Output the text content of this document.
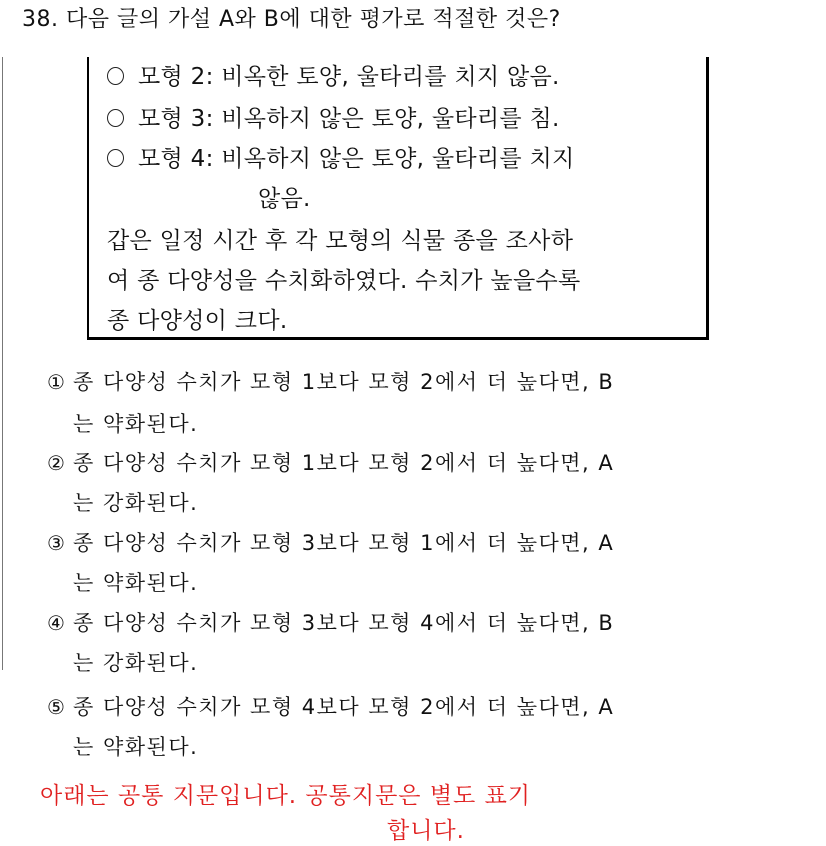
38. 다음 글의 가설 A와 B에 대한 평가로 적절한 것은?
모형 2: 비옥한 토양, 울타리를 치지 않음.
모형 3: 비옥하지 않은 토양, 울타리를 침.
모형 4: 비옥하지 않은 토양, 울타리를 치지
않음.
갑은 일정 시간 후 각 모형의 식물 종을 조사하
여 종 다양성을 수치화하였다. 수치가 높을수록
종 다양성이 크다.
① 종 다양성 수치가 모형 1보다 모형 2에서 더 높다면, B
는 약화된다.
② 종 다양성 수치가 모형 1보다 모형 2에서 더 높다면, A
는 강화된다.
③ 종 다양성 수치가 모형 3보다 모형 1에서 더 높다면, A
는 약화된다.
④ 종 다양성 수치가 모형 3보다 모형 4에서 더 높다면, B
는 강화된다.
⑤ 종 다양성 수치가 모형 4보다 모형 2에서 더 높다면, A
는 약화된다.
아래는 공통 지문입니다. 공통지문은 별도 표기
합니다.
